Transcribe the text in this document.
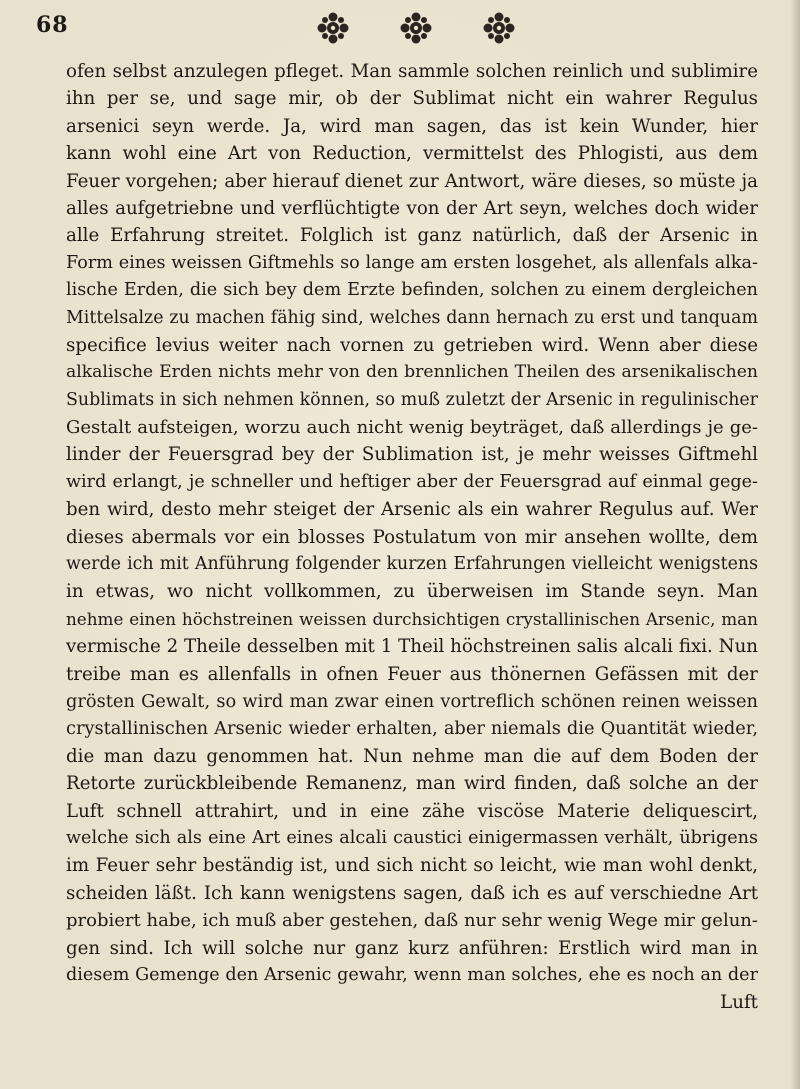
68
ofen selbst anzulegen pfleget. Man sammle solchen reinlich und sublimire
ihn per se, und sage mir, ob der Sublimat nicht ein wahrer Regulus
arsenici seyn werde. Ja, wird man sagen, das ist kein Wunder, hier
kann wohl eine Art von Reduction, vermittelst des Phlogisti, aus dem
Feuer vorgehen; aber hierauf dienet zur Antwort, wäre dieses, so müste ja
alles aufgetriebne und verflüchtigte von der Art seyn, welches doch wider
alle Erfahrung streitet. Folglich ist ganz natürlich, daß der Arsenic in
Form eines weissen Giftmehls so lange am ersten losgehet, als allenfals alka-
lische Erden, die sich bey dem Erzte befinden, solchen zu einem dergleichen
Mittelsalze zu machen fähig sind, welches dann hernach zu erst und tanquam
specifice levius weiter nach vornen zu getrieben wird. Wenn aber diese
alkalische Erden nichts mehr von den brennlichen Theilen des arsenikalischen
Sublimats in sich nehmen können, so muß zuletzt der Arsenic in regulinischer
Gestalt aufsteigen, worzu auch nicht wenig beyträget, daß allerdings je ge-
linder der Feuersgrad bey der Sublimation ist, je mehr weisses Giftmehl
wird erlangt, je schneller und heftiger aber der Feuersgrad auf einmal gege-
ben wird, desto mehr steiget der Arsenic als ein wahrer Regulus auf. Wer
dieses abermals vor ein blosses Postulatum von mir ansehen wollte, dem
werde ich mit Anführung folgender kurzen Erfahrungen vielleicht wenigstens
in etwas, wo nicht vollkommen, zu überweisen im Stande seyn. Man
nehme einen höchstreinen weissen durchsichtigen crystallinischen Arsenic, man
vermische 2 Theile desselben mit 1 Theil höchstreinen salis alcali fixi. Nun
treibe man es allenfalls in ofnen Feuer aus thönernen Gefässen mit der
grösten Gewalt, so wird man zwar einen vortreflich schönen reinen weissen
crystallinischen Arsenic wieder erhalten, aber niemals die Quantität wieder,
die man dazu genommen hat. Nun nehme man die auf dem Boden der
Retorte zurückbleibende Remanenz, man wird finden, daß solche an der
Luft schnell attrahirt, und in eine zähe viscöse Materie deliquescirt,
welche sich als eine Art eines alcali caustici einigermassen verhält, übrigens
im Feuer sehr beständig ist, und sich nicht so leicht, wie man wohl denkt,
scheiden läßt. Ich kann wenigstens sagen, daß ich es auf verschiedne Art
probiert habe, ich muß aber gestehen, daß nur sehr wenig Wege mir gelun-
gen sind. Ich will solche nur ganz kurz anführen: Erstlich wird man in
diesem Gemenge den Arsenic gewahr, wenn man solches, ehe es noch an der
Luft
